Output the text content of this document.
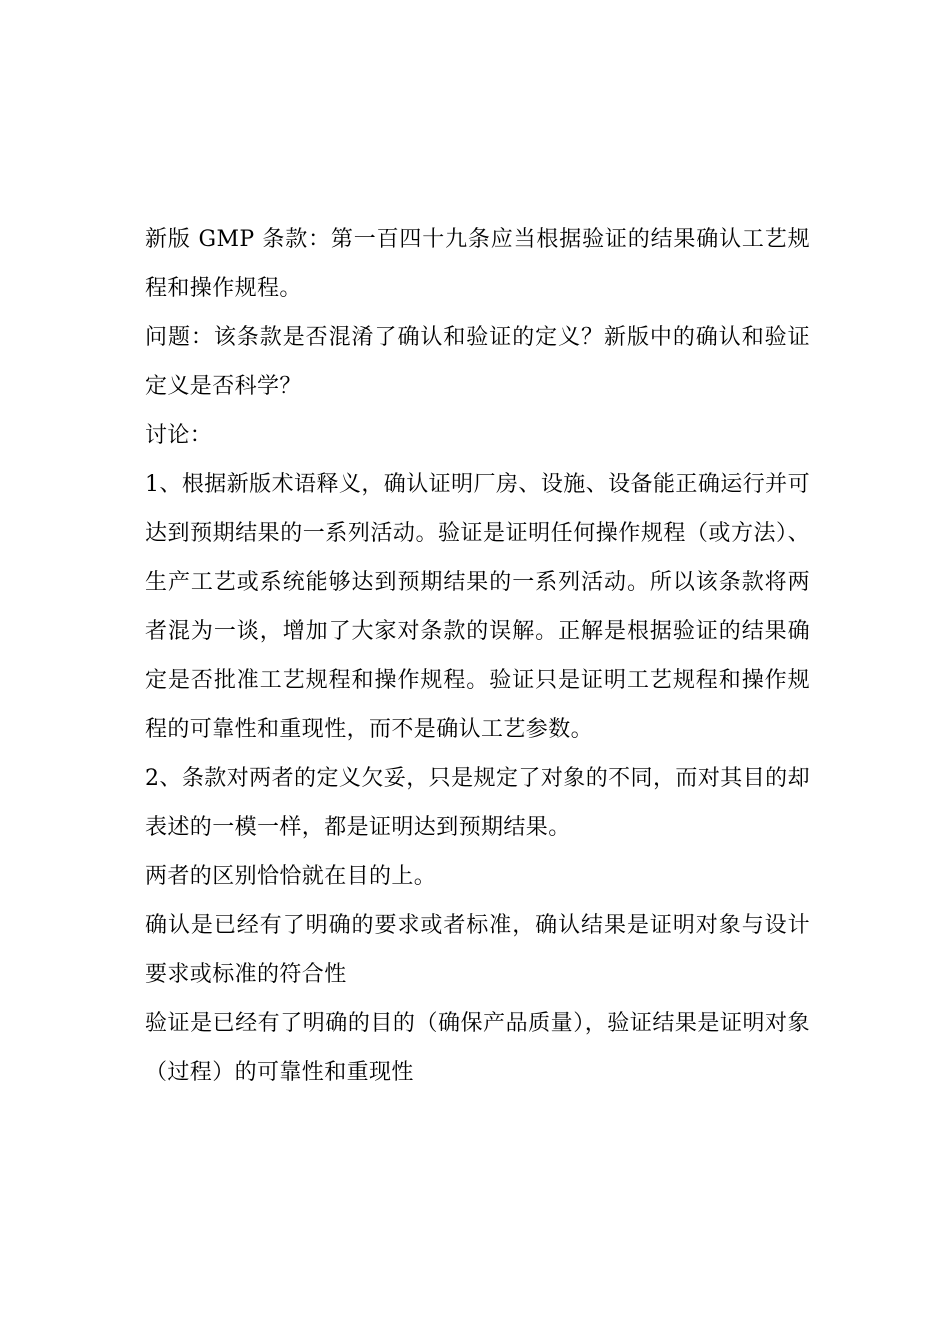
新版 GMP 条款：第一百四十九条应当根据验证的结果确认工艺规程和操作规程。

问题：该条款是否混淆了确认和验证的定义？新版中的确认和验证定义是否科学？

讨论：

1、根据新版术语释义，确认证明厂房、设施、设备能正确运行并可达到预期结果的一系列活动。验证是证明任何操作规程（或方法）、生产工艺或系统能够达到预期结果的一系列活动。所以该条款将两者混为一谈，增加了大家对条款的误解。正解是根据验证的结果确定是否批准工艺规程和操作规程。验证只是证明工艺规程和操作规程的可靠性和重现性，而不是确认工艺参数。

2、条款对两者的定义欠妥，只是规定了对象的不同，而对其目的却表述的一模一样，都是证明达到预期结果。

两者的区别恰恰就在目的上。

确认是已经有了明确的要求或者标准，确认结果是证明对象与设计要求或标准的符合性

验证是已经有了明确的目的（确保产品质量），验证结果是证明对象（过程）的可靠性和重现性
